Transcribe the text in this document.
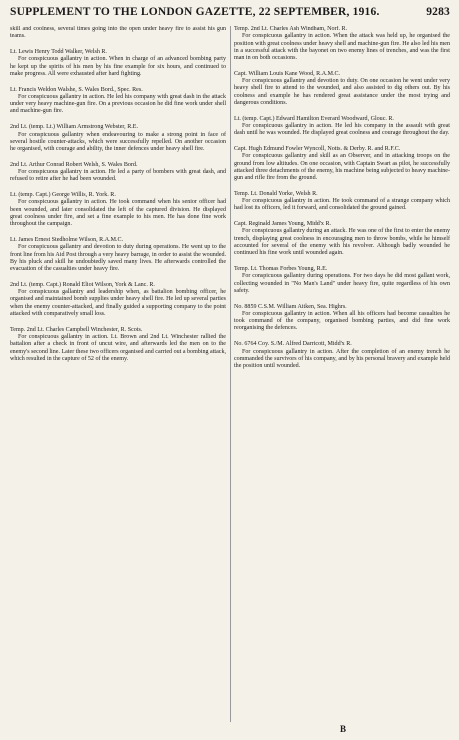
SUPPLEMENT TO THE LONDON GAZETTE, 22 SEPTEMBER, 1916.	9283
skill and coolness, several times going into the open under heavy fire to assist his gun teams.
Lt. Lewis Henry Todd Walker, Welsh R.
For conspicuous gallantry in action. When in charge of an advanced bombing party he kept up the spirits of his men by his fine example for six hours, and continued to make progress. All were exhausted after hard fighting.
Lt. Francis Weldon Walshe, S. Wales Bord., Spec. Res.
For conspicuous gallantry in action. He led his company with great dash in the attack under very heavy machine-gun fire. On a previous occasion he did fine work under shell and machine-gun fire.
2nd Lt. (temp. Lt.) William Armstrong Webster, R.E.
For conspicuous gallantry when endeavouring to make a strong point in face of several hostile counter-attacks, which were successfully repelled. On another occasion he organised, with courage and ability, the inner defences under heavy shell fire.
2nd Lt. Arthur Conrad Robert Welsh, S. Wales Bord.
For conspicuous gallantry in action. He led a party of bombers with great dash, and refused to retire after he had been wounded.
Lt. (temp. Capt.) George Willis, R. York. R.
For conspicuous gallantry in action. He took command when his senior officer had been wounded, and later consolidated the left of the captured division. He displayed great coolness under fire, and set a fine example to his men. He has done fine work throughout the campaign.
Lt. James Ernest Stedholme Wilson, R.A.M.C.
For conspicuous gallantry and devotion to duty during operations. He went up to the front line from his Aid Post through a very heavy barrage, in order to assist the wounded. By his pluck and skill he undoubtedly saved many lives. He afterwards controlled the evacuation of the casualties under heavy fire.
2nd Lt. (temp. Capt.) Ronald Eliot Wilson, York & Lanc. R.
For conspicuous gallantry and leadership when, as battalion bombing officer, he organised and maintained bomb supplies under heavy shell fire. He led up several parties when the enemy counter-attacked, and finally guided a supporting company to the point attacked with comparatively small loss.
Temp. 2nd Lt. Charles Campbell Winchester, R. Scots.
For conspicuous gallantry in action. Lt. Brown and 2nd Lt. Winchester rallied the battalion after a check in front of uncut wire, and afterwards led the men on to the enemy's second line. Later these two officers organised and carried out a bombing attack, which resulted in the capture of 52 of the enemy.
Temp. 2nd Lt. Charles Ash Windham, Norf. R.
For conspicuous gallantry in action. When the attack was held up, he organised the position with great coolness under heavy shell and machine-gun fire. He also led his men in a successful attack with the bayonet on two enemy lines of trenches, and was the first man in on both occasions.
Capt. William Louis Kane Wood, R.A.M.C.
For conspicuous gallantry and devotion to duty. On one occasion he went under very heavy shell fire to attend to the wounded, and also assisted to dig others out. By his coolness and example he has rendered great assistance under the most trying and dangerous conditions.
Lt. (temp. Capt.) Edward Hamilton Everard Woodward, Glouc. R.
For conspicuous gallantry in action. He led his company in the assault with great dash until he was wounded. He displayed great coolness and courage throughout the day.
Capt. Hugh Edmund Fowler Wyncoll, Notts. & Derby. R. and R.F.C.
For conspicuous gallantry and skill as an Observer, and in attacking troops on the ground from low altitudes. On one occasion, with Captain Swart as pilot, he successfully attacked three detachments of the enemy, his machine being subjected to heavy machine-gun and rifle fire from the ground.
Temp. Lt. Donald Yorke, Welsh R.
For conspicuous gallantry in action. He took command of a strange company which had lost its officers, led it forward, and consolidated the ground gained.
Capt. Reginald James Young, Midd'x R.
For conspicuous gallantry during an attack. He was one of the first to enter the enemy trench, displaying great coolness in encouraging men to throw bombs, while he himself accounted for several of the enemy with his revolver. Although badly wounded he continued his fine work until wounded again.
Temp. Lt. Thomas Forbes Young, R.E.
For conspicuous gallantry during operations. For two days he did most gallant work, collecting wounded in "No Man's Land" under heavy fire, quite regardless of his own safety.
No. 8859 C.S.M. William Aitken, Sea. Highrs.
For conspicuous gallantry in action. When all his officers had become casualties he took command of the company, organised bombing parties, and did fine work reorganising the defences.
No. 6764 Coy. S./M. Alfred Darricott, Midd'x R.
For conspicuous gallantry in action. After the completion of an enemy trench he commanded the survivors of his company, and by his personal bravery and example held the position until wounded.
B
